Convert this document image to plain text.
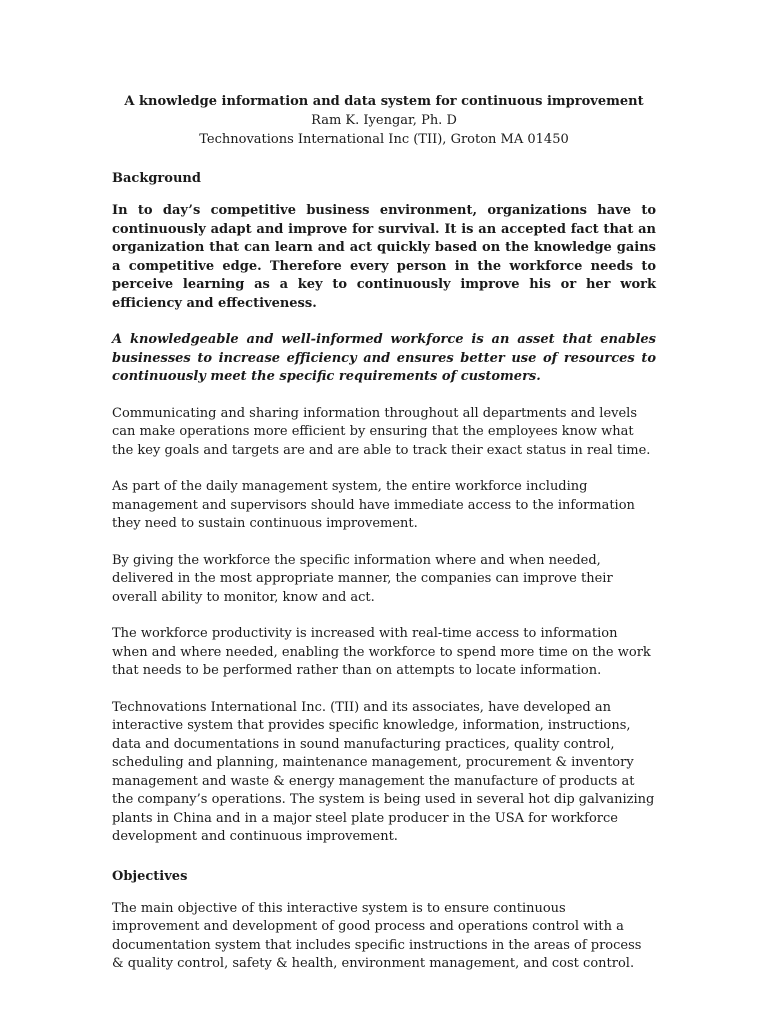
A knowledge information and data system for continuous improvement
Ram K. Iyengar, Ph. D
Technovations International Inc (TII), Groton MA 01450
Background

In to day’s competitive business environment, organizations have to continuously adapt and improve for survival. It is an accepted fact that an organization that can learn and act quickly based on the knowledge gains a competitive edge. Therefore every person in the workforce needs to perceive learning as a key to continuously improve his or her work efficiency and effectiveness.

A knowledgeable and well-informed workforce is an asset that enables businesses to increase efficiency and ensures better use of resources to continuously meet the specific requirements of customers.

Communicating and sharing information throughout all departments and levels can make operations more efficient by ensuring that the employees know what the key goals and targets are and are able to track their exact status in real time.

As part of the daily management system, the entire workforce including management and supervisors should have immediate access to the information they need to sustain continuous improvement.

By giving the workforce the specific information where and when needed, delivered in the most appropriate manner, the companies can improve their overall ability to monitor, know and act.

The workforce productivity is increased with real-time access to information when and where needed, enabling the workforce to spend more time on the work that needs to be performed rather than on attempts to locate information.

Technovations International Inc. (TII) and its associates, have developed an interactive system that provides specific knowledge, information, instructions, data and documentations in sound manufacturing practices, quality control, scheduling and planning, maintenance management, procurement & inventory management and waste & energy management the manufacture of products at the company’s operations. The system is being used in several hot dip galvanizing plants in China and in a major steel plate producer in the USA for workforce development and continuous improvement.

Objectives

The main objective of this interactive system is to ensure continuous improvement and development of good process and operations control with a documentation system that includes specific instructions in the areas of process & quality control, safety & health, environment management, and cost control.
